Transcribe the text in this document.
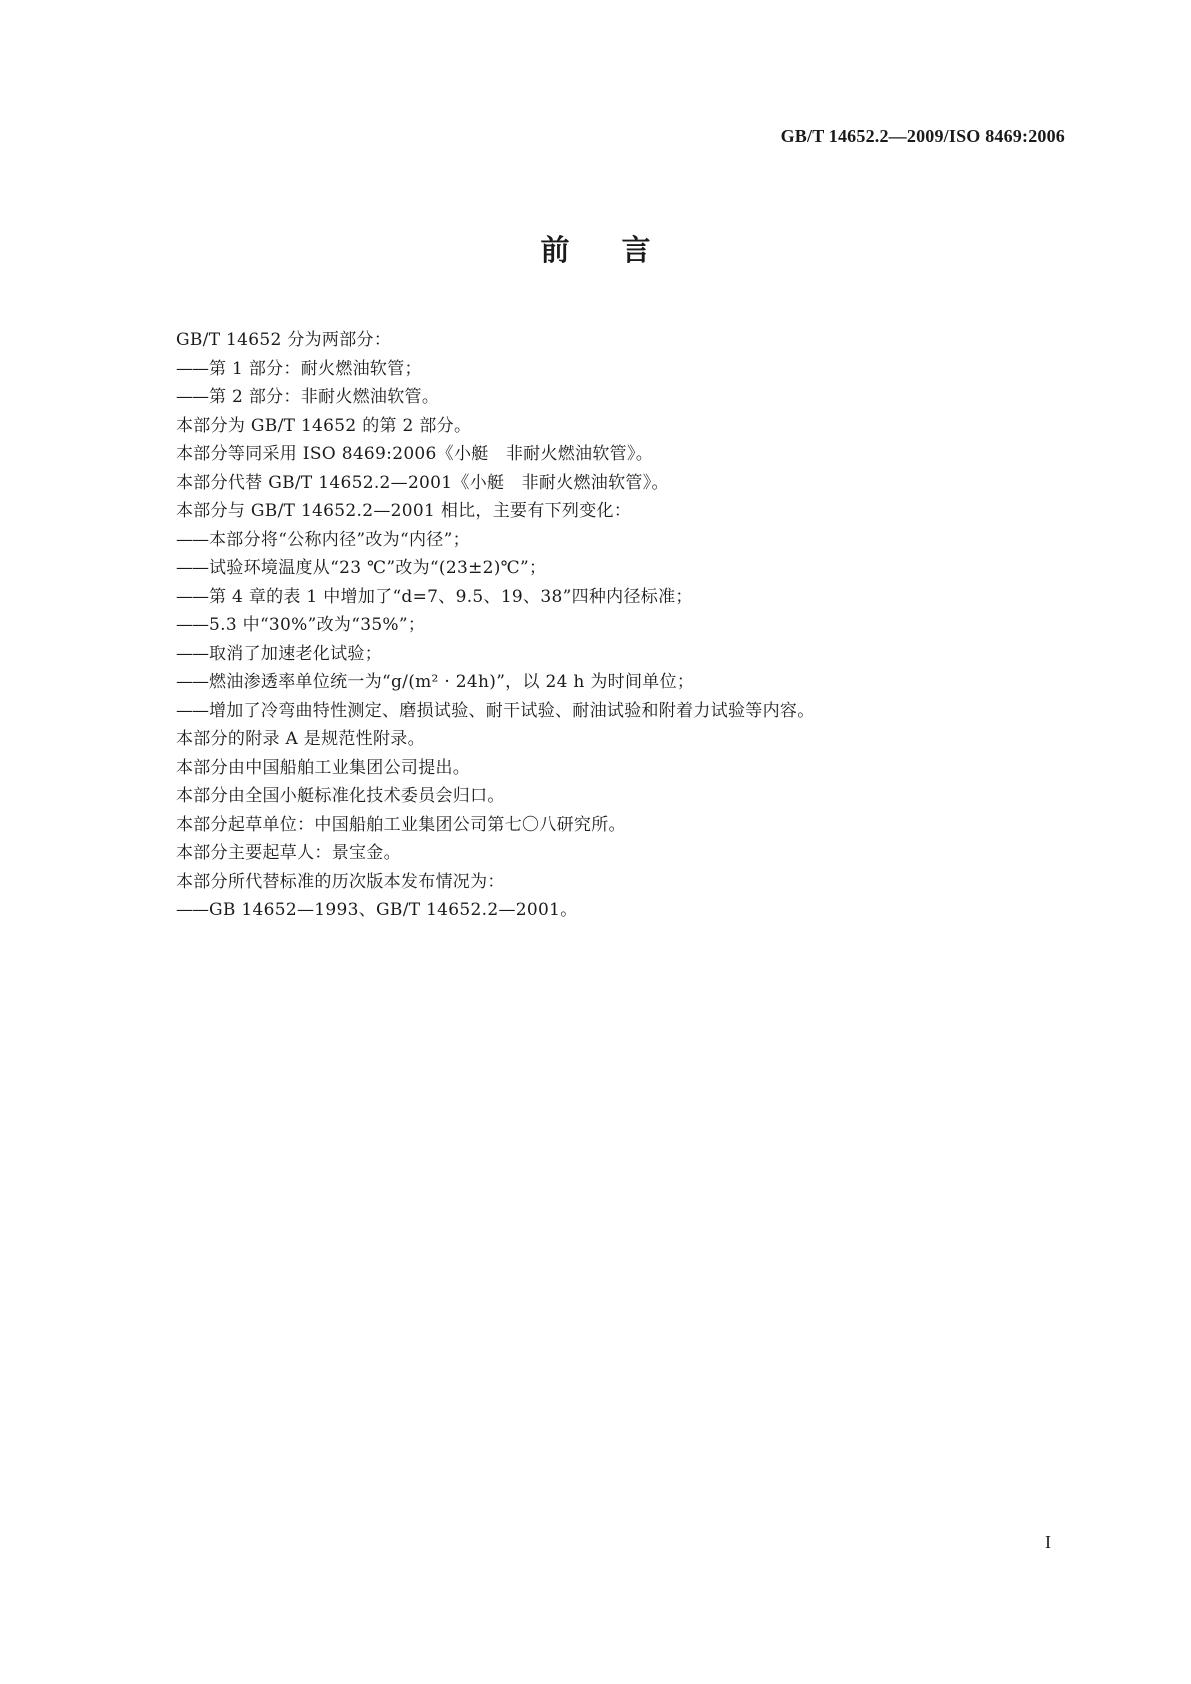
GB/T 14652.2—2009/ISO 8469:2006
前言
GB/T 14652 分为两部分：
—— 第 1 部分：耐火燃油软管；
—— 第 2 部分：非耐火燃油软管。
本部分为 GB/T 14652 的第 2 部分。
本部分等同采用 ISO 8469:2006《小艇　非耐火燃油软管》。
本部分代替 GB/T 14652.2—2001《小艇　非耐火燃油软管》。
本部分与 GB/T 14652.2—2001 相比，主要有下列变化：
—— 本部分将“公称内径”改为“内径”；
—— 试验环境温度从“23 ℃”改为“(23±2)℃”；
—— 第 4 章的表 1 中增加了“d=7、9.5、19、38”四种内径标准；
—— 5.3 中“30%”改为“35%”；
—— 取消了加速老化试验；
—— 燃油渗透率单位统一为“g/(m² · 24h)”，以 24 h 为时间单位；
—— 增加了冷弯曲特性测定、磨损试验、耐干试验、耐油试验和附着力试验等内容。
本部分的附录 A 是规范性附录。
本部分由中国船舶工业集团公司提出。
本部分由全国小艇标准化技术委员会归口。
本部分起草单位：中国船舶工业集团公司第七〇八研究所。
本部分主要起草人：景宝金。
本部分所代替标准的历次版本发布情况为：
—— GB 14652—1993、GB/T 14652.2—2001。
I
